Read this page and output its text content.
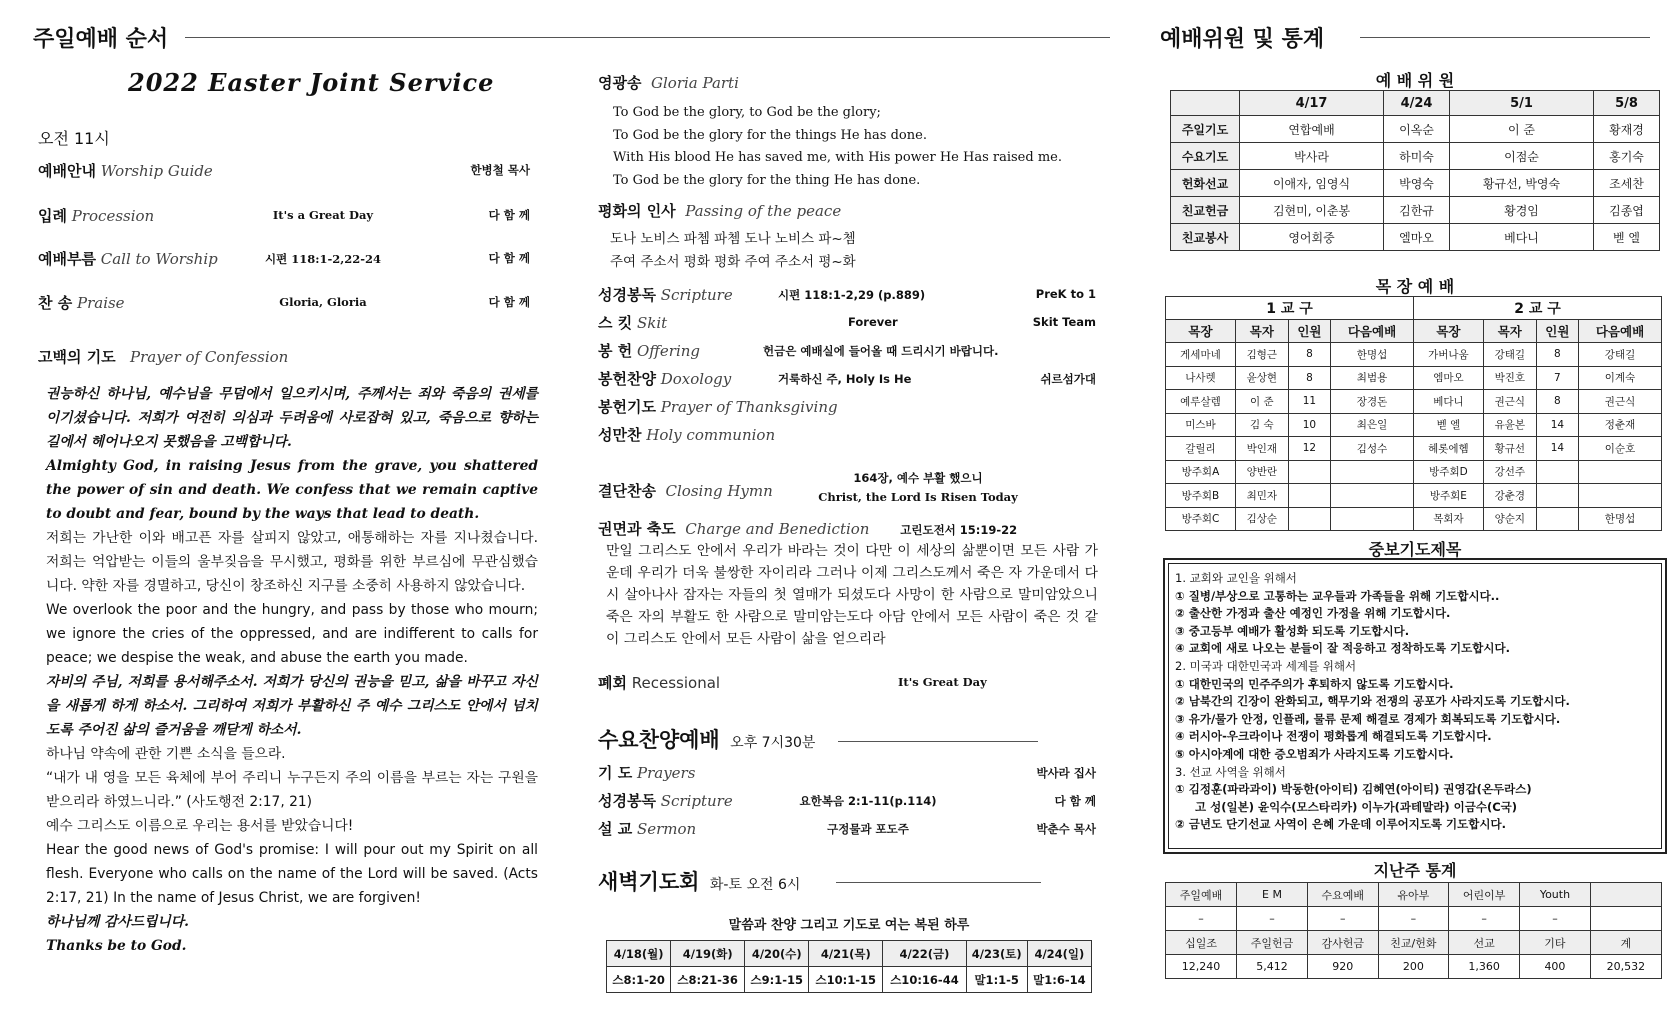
주일예배 순서
2022 Easter Joint Service
오전 11시
예배안내 Worship Guide	한병철 목사
입례 Procession	It's a Great Day	다 함 께
예배부름 Call to Worship	시편 118:1-2,22-24	다 함 께
찬 송 Praise	Gloria, Gloria	다 함 께
고백의 기도 Prayer of Confession
권능하신 하나님, 예수님을 무덤에서 일으키시며, 주께서는 죄와 죽음의 권세를 이기셨습니다. 저희가 여전히 의심과 두려움에 사로잡혀 있고, 죽음으로 향하는 길에서 헤어나오지 못했음을 고백합니다.
Almighty God, in raising Jesus from the grave, you shattered the power of sin and death. We confess that we remain captive to doubt and fear, bound by the ways that lead to death.
저희는 가난한 이와 배고픈 자를 살피지 않았고, 애통해하는 자를 지나쳤습니다. 저희는 억압받는 이들의 울부짖음을 무시했고, 평화를 위한 부르심에 무관심했습니다. 약한 자를 경멸하고, 당신이 창조하신 지구를 소중히 사용하지 않았습니다.
We overlook the poor and the hungry, and pass by those who mourn; we ignore the cries of the oppressed, and are indifferent to calls for peace; we despise the weak, and abuse the earth you made.
자비의 주님, 저희를 용서해주소서. 저희가 당신의 권능을 믿고, 삶을 바꾸고 자신을 새롭게 하게 하소서. 그리하여 저희가 부활하신 주 예수 그리스도 안에서 넘치도록 주어진 삶의 즐거움을 깨닫게 하소서.
하나님 약속에 관한 기쁜 소식을 들으라.
“내가 내 영을 모든 육체에 부어 주리니 누구든지 주의 이름을 부르는 자는 구원을 받으리라 하였느니라.” (사도행전 2:17, 21)
예수 그리스도 이름으로 우리는 용서를 받았습니다!
Hear the good news of God's promise: I will pour out my Spirit on all flesh. Everyone who calls on the name of the Lord will be saved. (Acts 2:17, 21) In the name of Jesus Christ, we are forgiven!
하나님께 감사드립니다.
Thanks be to God.
영광송 Gloria Parti
To God be the glory, to God be the glory;
To God be the glory for the things He has done.
With His blood He has saved me, with His power He Has raised me.
To God be the glory for the thing He has done.
평화의 인사 Passing of the peace
도나 노비스 파쳄 파쳄 도나 노비스 파~쳄
주여 주소서 평화 평화 주여 주소서 평~화
성경봉독 Scripture	시편 118:1-2,29 (p.889)	PreK to 1
스 킷 Skit	Forever	Skit Team
봉 헌 Offering	헌금은 예배실에 들어올 때 드리시기 바랍니다.
봉헌찬양 Doxology	거룩하신 주, Holy Is He	쉬르섬가대
봉헌기도 Prayer of Thanksgiving
성만찬 Holy communion
결단찬송 Closing Hymn
164장, 예수 부활 했으니
Christ, the Lord Is Risen Today
권면과 축도 Charge and Benediction	고린도전서 15:19-22
만일 그리스도 안에서 우리가 바라는 것이 다만 이 세상의 삶뿐이면 모든 사람 가운데 우리가 더욱 불쌍한 자이리라 그러나 이제 그리스도께서 죽은 자 가운데서 다시 살아나사 잠자는 자들의 첫 열매가 되셨도다 사망이 한 사람으로 말미암았으니 죽은 자의 부활도 한 사람으로 말미암는도다 아담 안에서 모든 사람이 죽은 것 같이 그리스도 안에서 모든 사람이 삶을 얻으리라
폐회 Recessional	It's Great Day
수요찬양예배 오후 7시30분
기 도 Prayers	박사라 집사
성경봉독 Scripture	요한복음 2:1-11(p.114)	다 함 께
설 교 Sermon	구정물과 포도주	박춘수 목사
새벽기도회 화-토 오전 6시
말씀과 찬양 그리고 기도로 여는 복된 하루
4/18(월)	4/19(화)	4/20(수)	4/21(목)	4/22(금)	4/23(토)	4/24(일)
스8:1-20	스8:21-36	스9:1-15	스10:1-15	스10:16-44	말1:1-5	말1:6-14
예배위원 및 통계
예 배 위 원
	4/17	4/24	5/1	5/8
주일기도	연합예배	이옥순	이 준	황재경
수요기도	박사라	하미숙	이점순	홍기숙
헌화선교	이애자, 임영식	박영숙	황규선, 박영숙	조세찬
친교헌금	김현미, 이춘봉	김한규	황경임	김종엽
친교봉사	영어회중	엘마오	베다니	벧 엘
목 장 예 배
1 교 구				2 교 구			
목장	목자	인원	다음예배	목장	목자	인원	다음예배
게세마네	김형근	8	한명섭	가버나움	강태길	8	강태길
나사렛	윤상현	8	최범용	엠마오	박진호	7	이계숙
예루살렘	이 준	11	장경돈	베다니	권근식	8	권근식
미스바	김 숙	10	최은일	벧 엘	유윤본	14	정춘재
갈릴리	박인재	12	김성수	헤롯에헴	황규선	14	이순호
방주회A	양반란			방주회D	강선주		
방주회B	최민자			방주회E	강춘경		
방주회C	김상순			목회자	양순지		한명섭
중보기도제목
1. 교회와 교인을 위해서
① 질병/부상으로 고통하는 교우들과 가족들을 위해 기도합시다..
② 출산한 가정과 출산 예정인 가정을 위해 기도합시다.
③ 중고등부 예배가 활성화 되도록 기도합시다.
④ 교회에 새로 나오는 분들이 잘 적응하고 정착하도록 기도합시다.
2. 미국과 대한민국과 세계를 위해서
① 대한민국의 민주주의가 후퇴하지 않도록 기도합시다.
② 남북간의 긴장이 완화되고, 핵무기와 전쟁의 공포가 사라지도록 기도합시다.
③ 유가/물가 안정, 인플레, 물류 문제 해결로 경제가 회복되도록 기도합시다.
④ 러시아-우크라이나 전쟁이 평화롭게 해결되도록 기도합시다.
⑤ 아시아계에 대한 증오범죄가 사라지도록 기도합시다.
3. 선교 사역을 위해서
① 김정훈(파라과이) 박동한(아이티) 김혜연(아이티) 권영갑(온두라스)
고 성(일본) 윤익수(모스타리카) 이누가(과테말라) 이금수(C국)
② 금년도 단기선교 사역이 은혜 가운데 이루어지도록 기도합시다.
지난주 통계
주일예배	E M	수요예배	유아부	어린이부	Youth	
–	–	–	–	–	–	
십일조	주일헌금	감사헌금	친교/헌화	선교	기타	계
12,240	5,412	920	200	1,360	400	20,532
